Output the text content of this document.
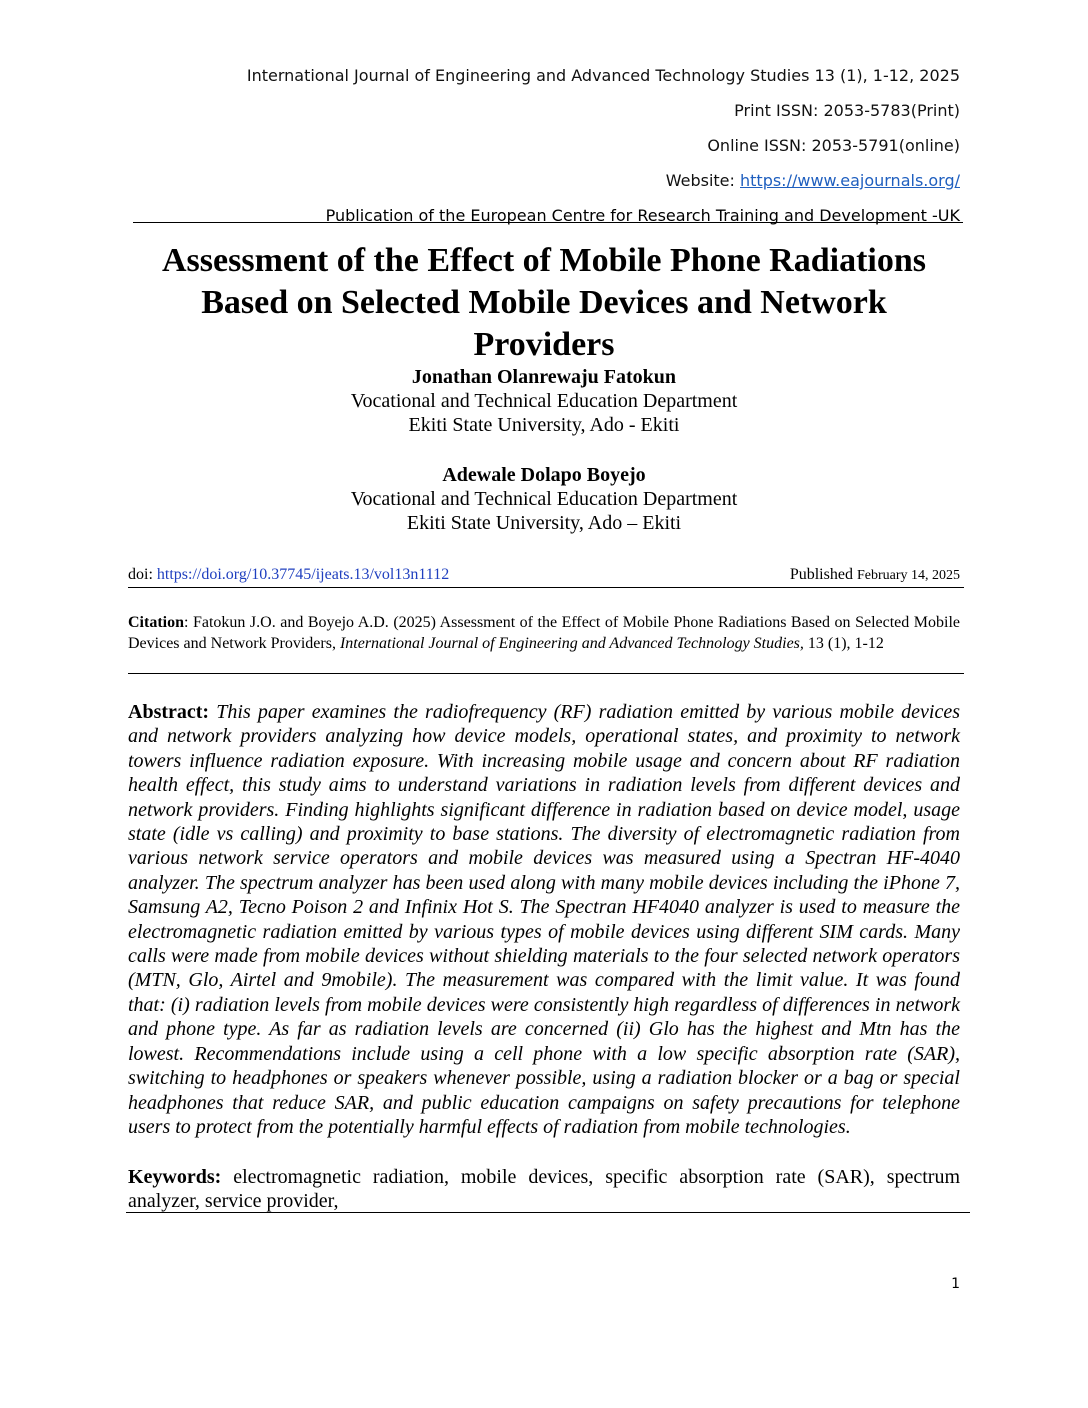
International Journal of Engineering and Advanced Technology Studies 13 (1), 1-12, 2025
Print ISSN: 2053-5783(Print)
Online ISSN: 2053-5791(online)
Website: https://www.eajournals.org/
Publication of the European Centre for Research Training and Development -UK
Assessment of the Effect of Mobile Phone Radiations
Based on Selected Mobile Devices and Network
Providers
Jonathan Olanrewaju Fatokun
Vocational and Technical Education Department
Ekiti State University, Ado - Ekiti
Adewale Dolapo Boyejo
Vocational and Technical Education Department
Ekiti State University, Ado – Ekiti
doi: https://doi.org/10.37745/ijeats.13/vol13n1112	Published February 14, 2025
Citation: Fatokun J.O. and Boyejo A.D. (2025) Assessment of the Effect of Mobile Phone Radiations Based on Selected Mobile Devices and Network Providers, International Journal of Engineering and Advanced Technology Studies, 13 (1), 1-12
Abstract: This paper examines the radiofrequency (RF) radiation emitted by various mobile devices and network providers analyzing how device models, operational states, and proximity to network towers influence radiation exposure. With increasing mobile usage and concern about RF radiation health effect, this study aims to understand variations in radiation levels from different devices and network providers. Finding highlights significant difference in radiation based on device model, usage state (idle vs calling) and proximity to base stations. The diversity of electromagnetic radiation from various network service operators and mobile devices was measured using a Spectran HF-4040 analyzer. The spectrum analyzer has been used along with many mobile devices including the iPhone 7, Samsung A2, Tecno Poison 2 and Infinix Hot S. The Spectran HF4040 analyzer is used to measure the electromagnetic radiation emitted by various types of mobile devices using different SIM cards. Many calls were made from mobile devices without shielding materials to the four selected network operators (MTN, Glo, Airtel and 9mobile). The measurement was compared with the limit value. It was found that: (i) radiation levels from mobile devices were consistently high regardless of differences in network and phone type. As far as radiation levels are concerned (ii) Glo has the highest and Mtn has the lowest. Recommendations include using a cell phone with a low specific absorption rate (SAR), switching to headphones or speakers whenever possible, using a radiation blocker or a bag or special headphones that reduce SAR, and public education campaigns on safety precautions for telephone users to protect from the potentially harmful effects of radiation from mobile technologies.
Keywords: electromagnetic radiation, mobile devices, specific absorption rate (SAR), spectrum analyzer, service provider,
1
